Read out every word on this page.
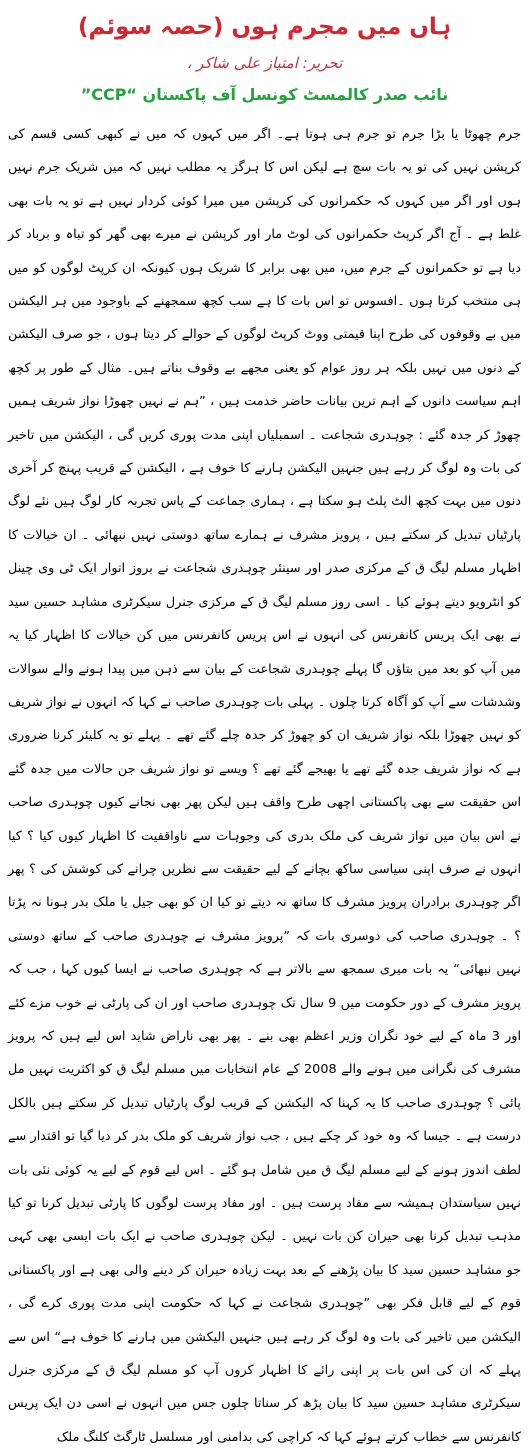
ہاں میں مجرم ہوں (حصہ سوئم)
تحریر: امتیاز علی شاکر ،
نائب صدر کالمسٹ کونسل آف پاکستان ”CCP“

جرم چھوٹا یا بڑا جرم تو جرم ہی ہوتا ہے۔ اگر میں کہوں کہ میں نے کبھی کسی قسم کی کرپشن نہیں کی تو یہ بات سچ ہے لیکن اس کا ہرگز یہ مطلب نہیں کہ میں شریک جرم نہیں ہوں اور اگر میں کہوں کہ حکمرانوں کی کرپشن میں میرا کوئی کردار نہیں ہے تو یہ بات بھی غلط ہے ۔ آج اگر کرپٹ حکمرانوں کی لوٹ مار اور کرپشن نے میرے بھی گھر کو تباہ و برباد کر دیا ہے تو حکمرانوں کے جرم میں، میں بھی برابر کا شریک ہوں کیونکہ ان کرپٹ لوگوں کو میں ہی منتخب کرتا ہوں ۔افسوس تو اس بات کا ہے سب کچھ سمجھنے کے باوجود میں ہر الیکشن میں بے وقوفوں کی طرح اپنا قیمتی ووٹ کرپٹ لوگوں کے حوالے کر دیتا ہوں ، جو صرف الیکشن کے دنوں میں نہیں بلکہ ہر روز عوام کو یعنی مجھے بے وقوف بناتے ہیں۔ مثال کے طور پر کچھ اہم سیاست دانوں کے اہم ترین بیانات حاضر خدمت ہیں ، ”ہم نے نہیں چھوڑا نواز شریف ہمیں چھوڑ کر جدہ گئے : چوہدری شجاعت ۔ اسمبلیاں اپنی مدت پوری کریں گی ، الیکشن میں تاخیر کی بات وہ لوگ کر رہے ہیں جنہیں الیکشن ہارنے کا خوف ہے ، الیکشن کے قریب پہنچ کر آخری دنوں میں بہت کچھ الٹ پلٹ ہو سکتا ہے ، ہماری جماعت کے پاس تجربہ کار لوگ ہیں نئے لوگ پارٹیاں تبدیل کر سکتے ہیں ، پرویز مشرف نے ہمارے ساتھ دوستی نہیں نبھائی ۔ ان خیالات کا اظہار مسلم لیگ ق کے مرکزی صدر اور سینئر چوہدری شجاعت نے بروز اتوار ایک ٹی وی چینل کو انٹرویو دیتے ہوئے کیا ۔ اسی روز مسلم لیگ ق کے مرکزی جنرل سیکرٹری مشاہد حسین سید نے بھی ایک پریس کانفرنس کی انہوں نے اس پریس کانفرنس میں کن خیالات کا اظہار کیا یہ میں آپ کو بعد میں بتاؤں گا پہلے چوہدری شجاعت کے بیان سے ذہن میں پیدا ہونے والے سوالات وشدشات سے آپ کو آگاہ کرتا چلوں ۔ پہلی بات چوہدری صاحب نے کہا کہ انہوں نے نواز شریف کو نہیں چھوڑا بلکہ نواز شریف ان کو چھوڑ کر جدہ چلے گئے تھے ۔ پہلے تو یہ کلیئر کرنا ضروری ہے کہ نواز شریف جدہ گئے تھے یا بھیجے گئے تھے ؟ ویسے تو نواز شریف جن حالات میں جدہ گئے اس حقیقت سے بھی پاکستانی اچھی طرح واقف ہیں لیکن پھر بھی نجانے کیوں چوہدری صاحب نے اس بیان میں نواز شریف کی ملک بدری کی وجوہات سے ناواقفیت کا اظہار کیوں کیا ؟ کیا انہوں نے صرف اپنی سیاسی ساکھ بچانے کے لیے حقیقت سے نظریں چرانے کی کوشش کی ؟ پھر اگر چوہدری برادران پرویز مشرف کا ساتھ نہ دیتے تو کیا ان کو بھی جیل یا ملک بدر ہونا نہ پڑتا ؟ ۔ چوہدری صاحب کی دوسری بات کہ ”پرویز مشرف نے چوہدری صاحب کے ساتھ دوستی نہیں نبھائی“ یہ بات میری سمجھ سے بالاتر ہے کہ چوہدری صاحب نے ایسا کیوں کہا ، جب کہ پرویز مشرف کے دور حکومت میں 9 سال تک چوہدری صاحب اور ان کی پارٹی نے خوب مزے کئے اور 3 ماہ کے لیے خود نگران وزیر اعظم بھی بنے ۔ پھر بھی ناراض شاید اس لیے ہیں کہ پرویز مشرف کی نگرانی میں ہونے والے 2008 کے عام انتخابات میں مسلم لیگ ق کو اکثریت نہیں مل پائی ؟ چوہدری صاحب کا یہ کہنا کہ الیکشن کے قریب لوگ پارٹیاں تبدیل کر سکتے ہیں بالکل درست ہے ۔ جیسا کہ وہ خود کر چکے ہیں ، جب نواز شریف کو ملک بدر کر دیا گیا تو اقتدار سے لطف اندوز ہونے کے لیے مسلم لیگ ق میں شامل ہو گئے ۔ اس لیے قوم کے لیے یہ کوئی نئی بات نہیں سیاستدان ہمیشہ سے مفاد پرست ہیں ۔ اور مفاد پرست لوگوں کا پارٹی تبدیل کرنا تو کیا مذہب تبدیل کرنا بھی حیران کن بات نہیں ۔ لیکن چوہدری صاحب نے ایک بات ایسی بھی کہی جو مشاہد حسین سید کا بیان پڑھنے کے بعد بہت زیادہ حیران کر دینے والی بھی ہے اور پاکستانی قوم کے لیے قابل فکر بھی ”چوہدری شجاعت نے کہا کہ حکومت اپنی مدت پوری کرے گی ، الیکشن میں تاخیر کی بات وہ لوگ کر رہے ہیں جنہیں الیکشن میں ہارنے کا خوف ہے“ اس سے پہلے کہ ان کی اس بات پر اپنی رائے کا اظہار کروں آپ کو مسلم لیگ ق کے مرکزی جنرل سیکرٹری مشاہد حسین سید کا بیان پڑھ کر سناتا چلوں جس میں انہوں نے اسی دن ایک پریس کانفرنس سے خطاب کرتے ہوئے کہا کہ کراچی کی بدامنی اور مسلسل ٹارگٹ کلنگ ملک
